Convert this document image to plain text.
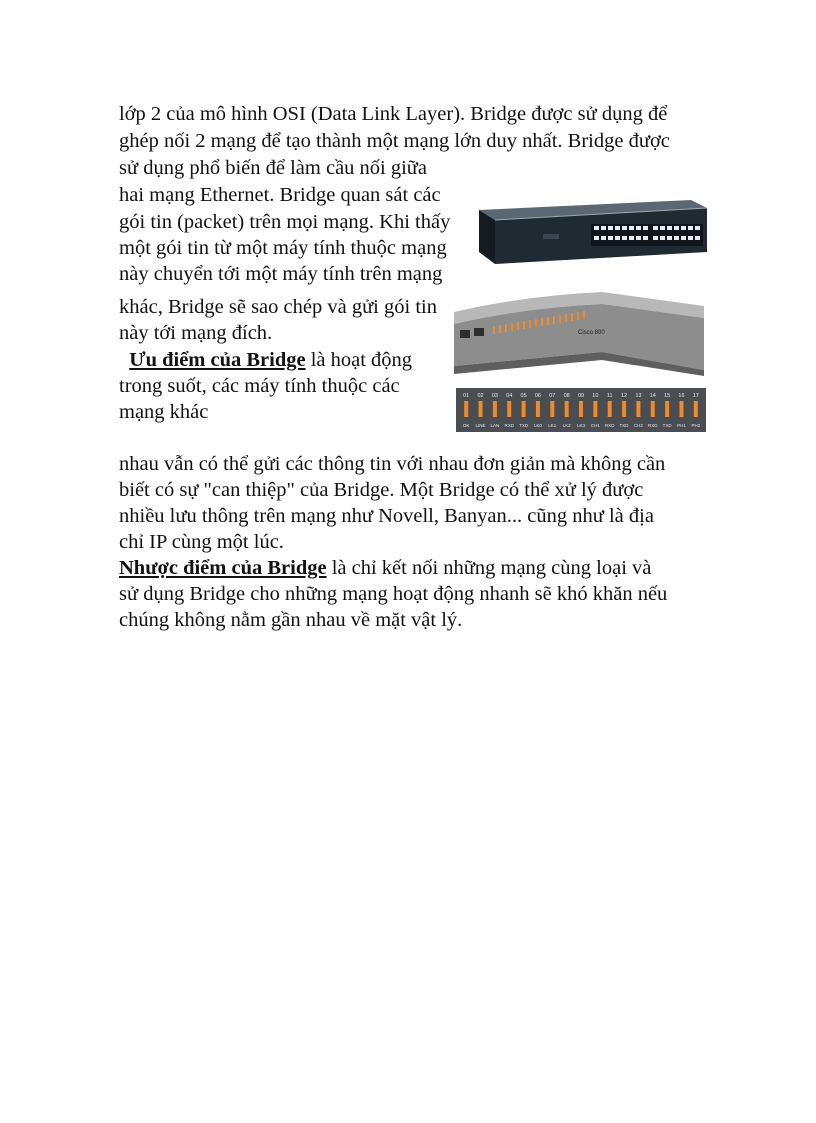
lớp 2 của mô hình OSI (Data Link Layer). Bridge được sử dụng để

ghép nối 2 mạng để tạo thành một mạng lớn duy nhất. Bridge được

sử dụng phổ biến để làm cầu nối giữa

hai mạng Ethernet. Bridge quan sát các

gói tin (packet) trên mọi mạng. Khi thấy

một gói tin từ một máy tính thuộc mạng

này chuyển tới một máy tính trên mạng

khác, Bridge sẽ sao chép và gửi gói tin

này tới mạng đích.

Ưu điểm của Bridge là hoạt động

trong suốt, các máy tính thuộc các

mạng khác

nhau vẫn có thể gửi các thông tin với nhau đơn giản mà không cần

biết có sự "can thiệp" của Bridge. Một Bridge có thể xử lý được

nhiều lưu thông trên mạng như Novell, Banyan... cũng như là địa

chỉ IP cùng một lúc.

Nhược điểm của Bridge là chỉ kết nối những mạng cùng loại và

sử dụng Bridge cho những mạng hoạt động nhanh sẽ khó khăn nếu

chúng không nằm gần nhau về mặt vật lý.

Cisco 800
01
OK
02
LINE
03
LAN
04
RXD
05
TXD
06
LK0
07
LK1
08
LK2
09
LK3
10
CH1
11
RXD
12
TXD
13
CH2
14
RXD
15
TXD
16
PH1
17
PH2
